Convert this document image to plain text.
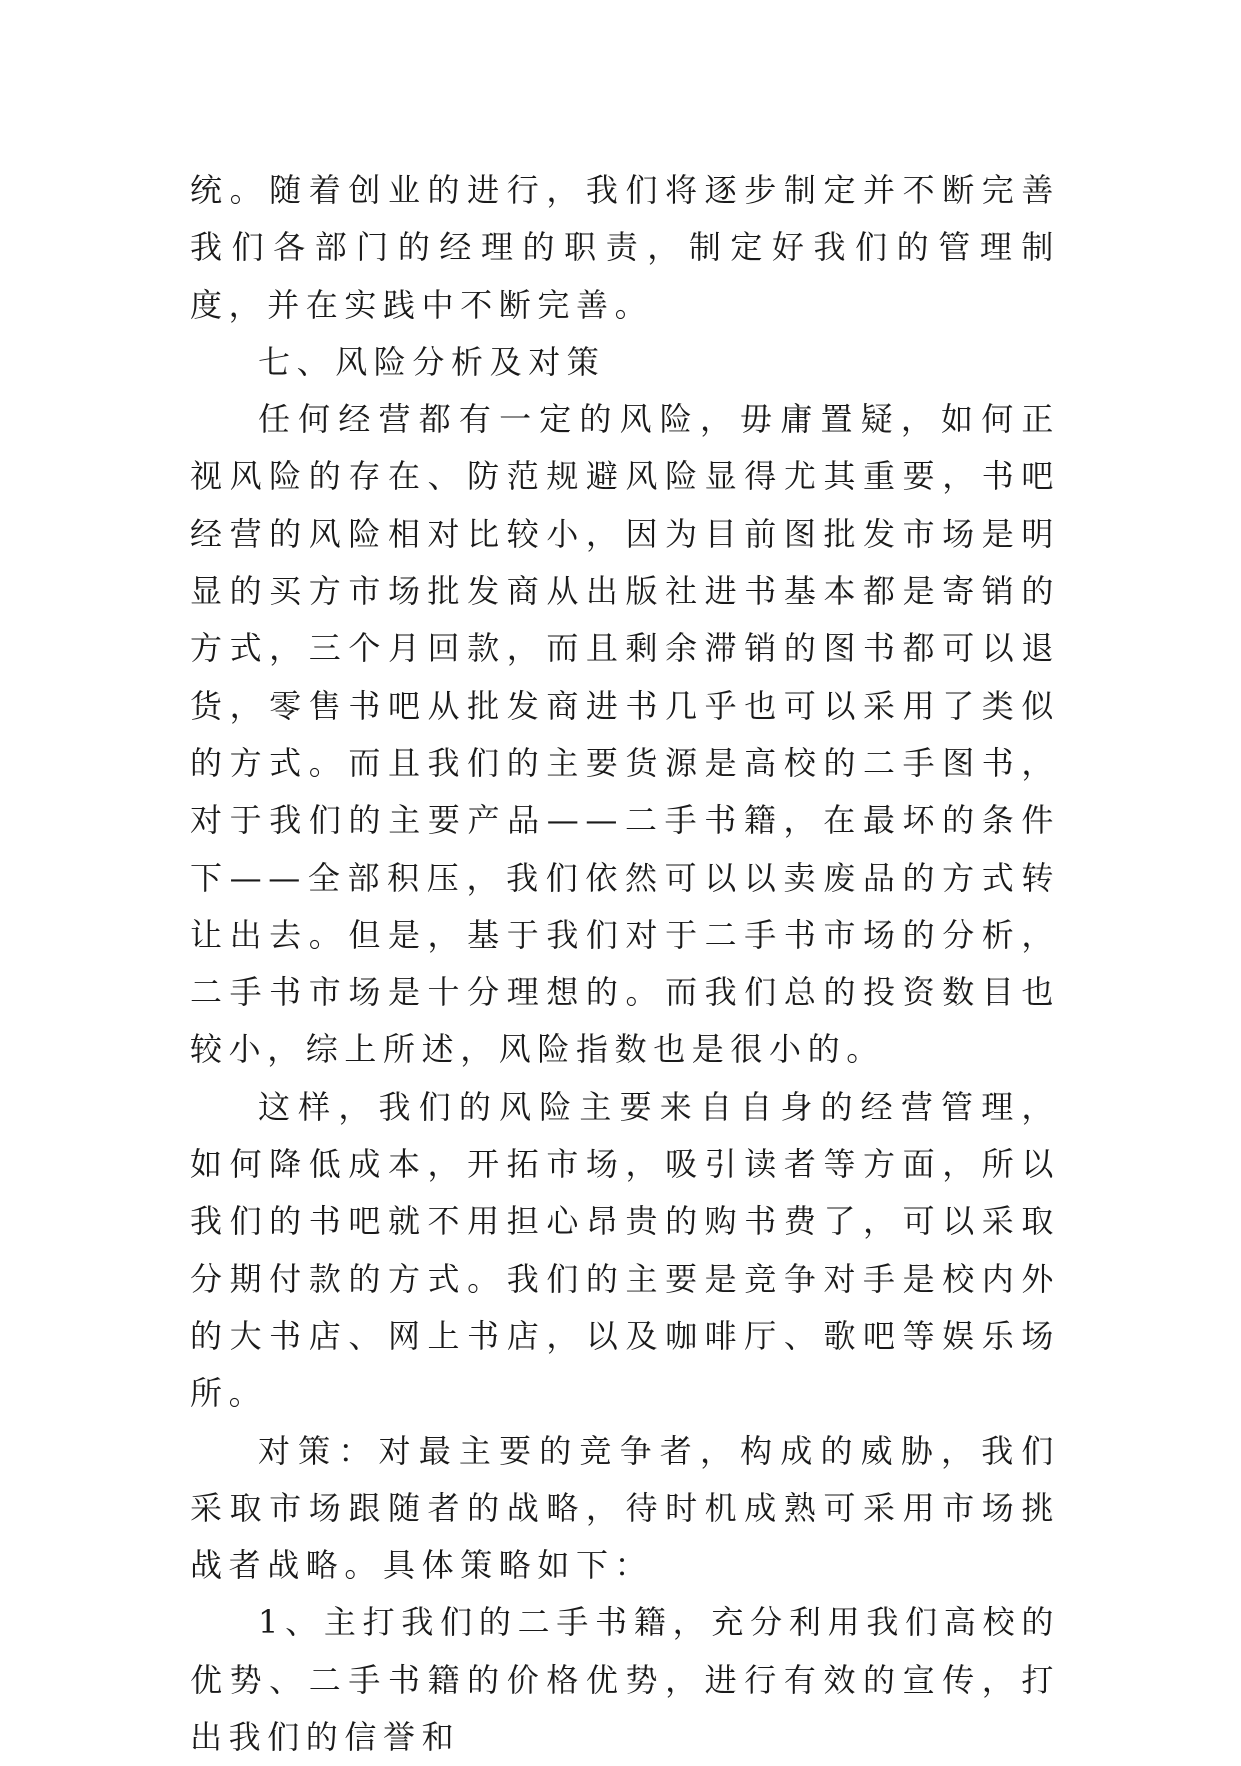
统。随着创业的进行，我们将逐步制定并不断完善我们各部门的经理的职责，制定好我们的管理制度，并在实践中不断完善。

七、风险分析及对策

任何经营都有一定的风险，毋庸置疑，如何正视风险的存在、防范规避风险显得尤其重要，书吧经营的风险相对比较小，因为目前图批发市场是明显的买方市场批发商从出版社进书基本都是寄销的方式，三个月回款，而且剩余滞销的图书都可以退货，零售书吧从批发商进书几乎也可以采用了类似的方式。而且我们的主要货源是高校的二手图书，对于我们的主要产品——二手书籍，在最坏的条件下——全部积压，我们依然可以以卖废品的方式转让出去。但是，基于我们对于二手书市场的分析，二手书市场是十分理想的。而我们总的投资数目也较小，综上所述，风险指数也是很小的。

这样，我们的风险主要来自自身的经营管理，如何降低成本，开拓市场，吸引读者等方面，所以我们的书吧就不用担心昂贵的购书费了，可以采取分期付款的方式。我们的主要是竞争对手是校内外的大书店、网上书店，以及咖啡厅、歌吧等娱乐场所。

对策：对最主要的竞争者，构成的威胁，我们采取市场跟随者的战略，待时机成熟可采用市场挑战者战略。具体策略如下：

1、主打我们的二手书籍，充分利用我们高校的优势、二手书籍的价格优势，进行有效的宣传，打出我们的信誉和
